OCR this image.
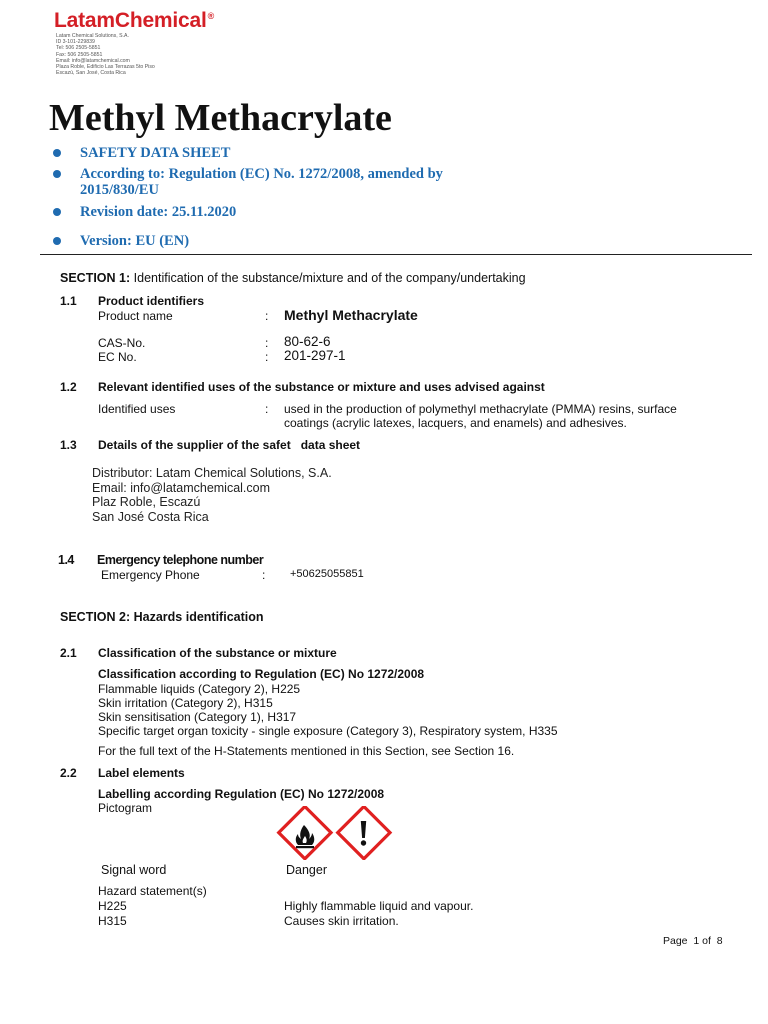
LatamChemical®
Latam Chemical Solutions, S.A.
ID 3-101-229839
Tel: 506 2505-5851
Fax: 506 2505-5851
Email: info@latamchemical.com
Plaza Roble, Edificio Las Terrazas 5to Piso
Escazú, San José, Costa Rica
Methyl Methacrylate
SAFETY DATA SHEET
According to: Regulation (EC) No. 1272/2008, amended by
2015/830/EU
Revision date: 25.11.2020
Version: EU (EN)
SECTION 1: Identification of the substance/mixture and of the company/undertaking
1.1 Product identifiers
Product name	: Methyl Methacrylate
CAS-No.	: 80-62-6
EC No.	: 201-297-1
1.2 Relevant identified uses of the substance or mixture and uses advised against
Identified uses	: used in the production of polymethyl methacrylate (PMMA) resins, surface
coatings (acrylic latexes, lacquers, and enamels) and adhesives.
1.3 Details of the supplier of the safet   data sheet
Distributor: Latam Chemical Solutions, S.A.
Email: info@latamchemical.com
Plaz Roble, Escazú
San José Costa Rica
1.4 Emergency telephone number
Emergency Phone	: +50625055851
SECTION 2: Hazards identification
2.1 Classification of the substance or mixture
Classification according to Regulation (EC) No 1272/2008
Flammable liquids (Category 2), H225
Skin irritation (Category 2), H315
Skin sensitisation (Category 1), H317
Specific target organ toxicity - single exposure (Category 3), Respiratory system, H335
For the full text of the H-Statements mentioned in this Section, see Section 16.
2.2 Label elements
Labelling according Regulation (EC) No 1272/2008
Pictogram
Signal word	Danger
Hazard statement(s)
H225	Highly flammable liquid and vapour.
H315	Causes skin irritation.
Page  1 of  8
